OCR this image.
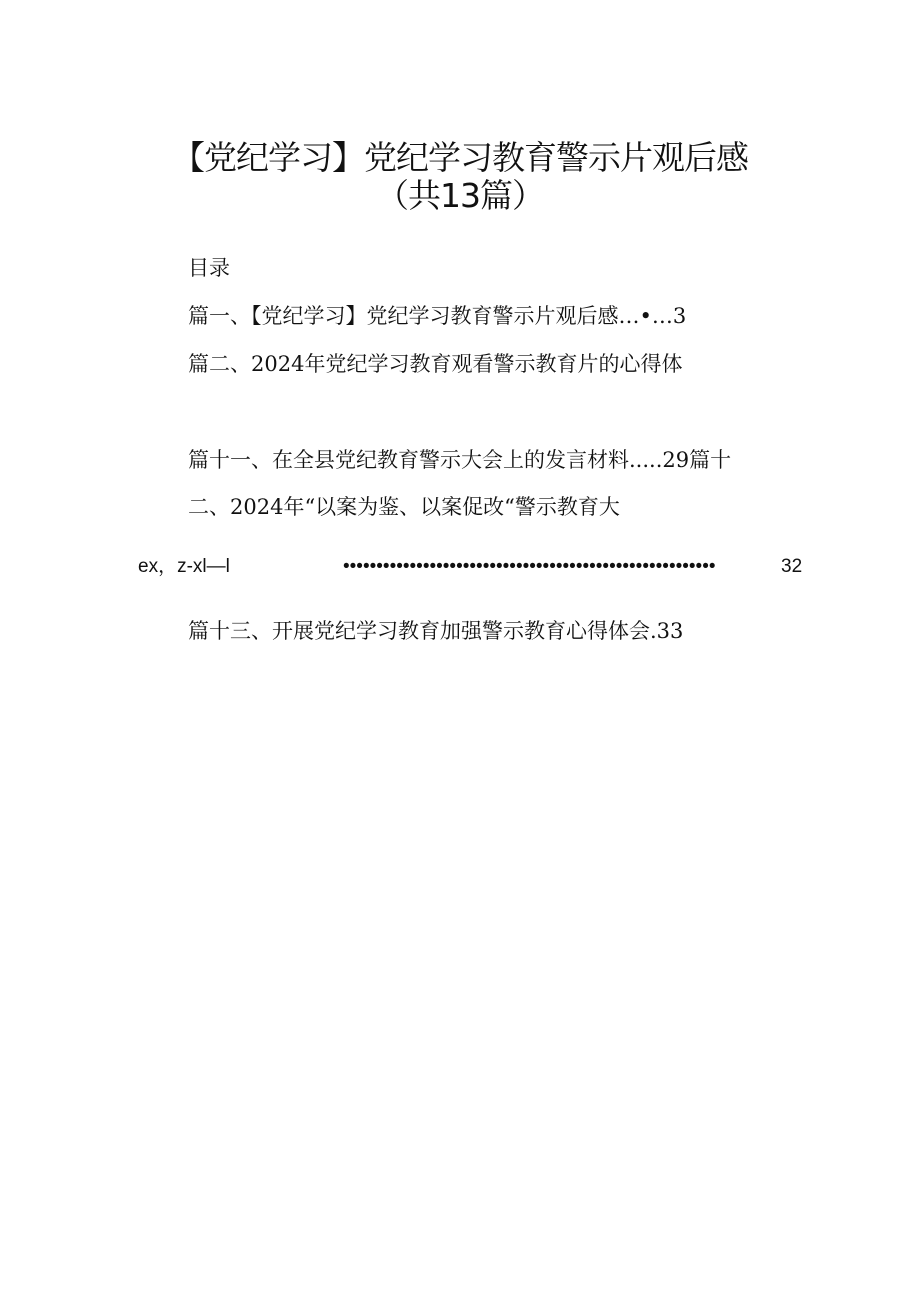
【党纪学习】党纪学习教育警示片观后感
（共13篇）
目录
篇一、【党纪学习】党纪学习教育警示片观后感…•…3
篇二、2024年党纪学习教育观看警示教育片的心得体
篇十一、在全县党纪教育警示大会上的发言材料.....29篇十
二、2024年“以案为鉴、以案促改“警示教育大
ex，z-xl—l	••••••••••••••••••••••••••••••••••••••••••••••••••••••••	32
篇十三、开展党纪学习教育加强警示教育心得体会.33
